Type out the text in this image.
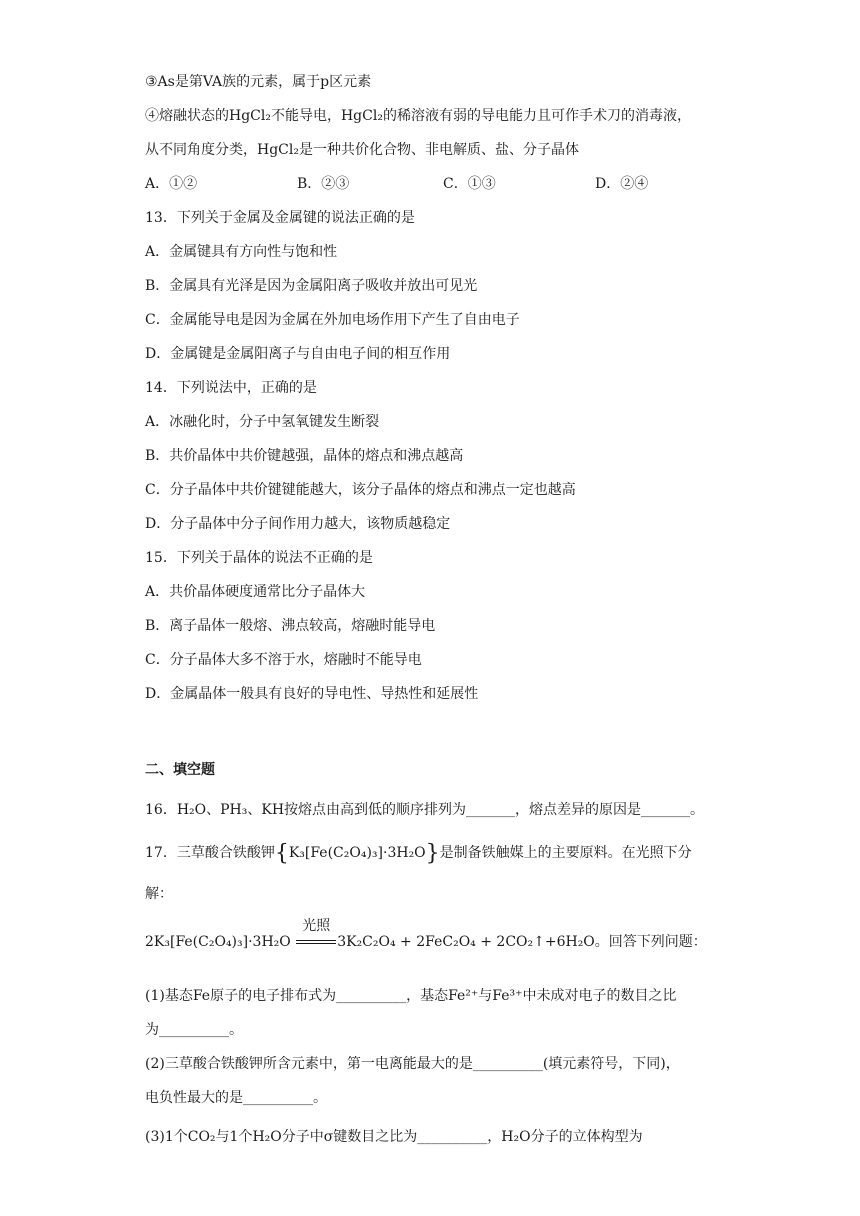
③As是第VA族的元素，属于p区元素
④熔融状态的HgCl₂不能导电，HgCl₂的稀溶液有弱的导电能力且可作手术刀的消毒液，
从不同角度分类，HgCl₂是一种共价化合物、非电解质、盐、分子晶体
A．①②	B．②③	C．①③	D．②④
13．下列关于金属及金属键的说法正确的是
A．金属键具有方向性与饱和性
B．金属具有光泽是因为金属阳离子吸收并放出可见光
C．金属能导电是因为金属在外加电场作用下产生了自由电子
D．金属键是金属阳离子与自由电子间的相互作用
14．下列说法中，正确的是
A．冰融化时，分子中氢氧键发生断裂
B．共价晶体中共价键越强，晶体的熔点和沸点越高
C．分子晶体中共价键键能越大，该分子晶体的熔点和沸点一定也越高
D．分子晶体中分子间作用力越大，该物质越稳定
15．下列关于晶体的说法不正确的是
A．共价晶体硬度通常比分子晶体大
B．离子晶体一般熔、沸点较高，熔融时能导电
C．分子晶体大多不溶于水，熔融时不能导电
D．金属晶体一般具有良好的导电性、导热性和延展性
二、填空题
16．H₂O、PH₃、KH按熔点由高到低的顺序排列为_______，熔点差异的原因是_______。
17．三草酸合铁酸钾{K₃[Fe(C₂O₄)₃]·3H₂O}是制备铁触媒上的主要原料。在光照下分
解：
2K₃[Fe(C₂O₄)₃]·3H₂O
光照
3K₂C₂O₄ + 2FeC₂O₄ + 2CO₂↑+6H₂O。回答下列问题：
(1)基态Fe原子的电子排布式为__________，基态Fe²⁺与Fe³⁺中未成对电子的数目之比
为__________。
(2)三草酸合铁酸钾所含元素中，第一电离能最大的是__________(填元素符号，下同)，
电负性最大的是__________。
(3)1个CO₂与1个H₂O分子中σ键数目之比为__________，H₂O分子的立体构型为
